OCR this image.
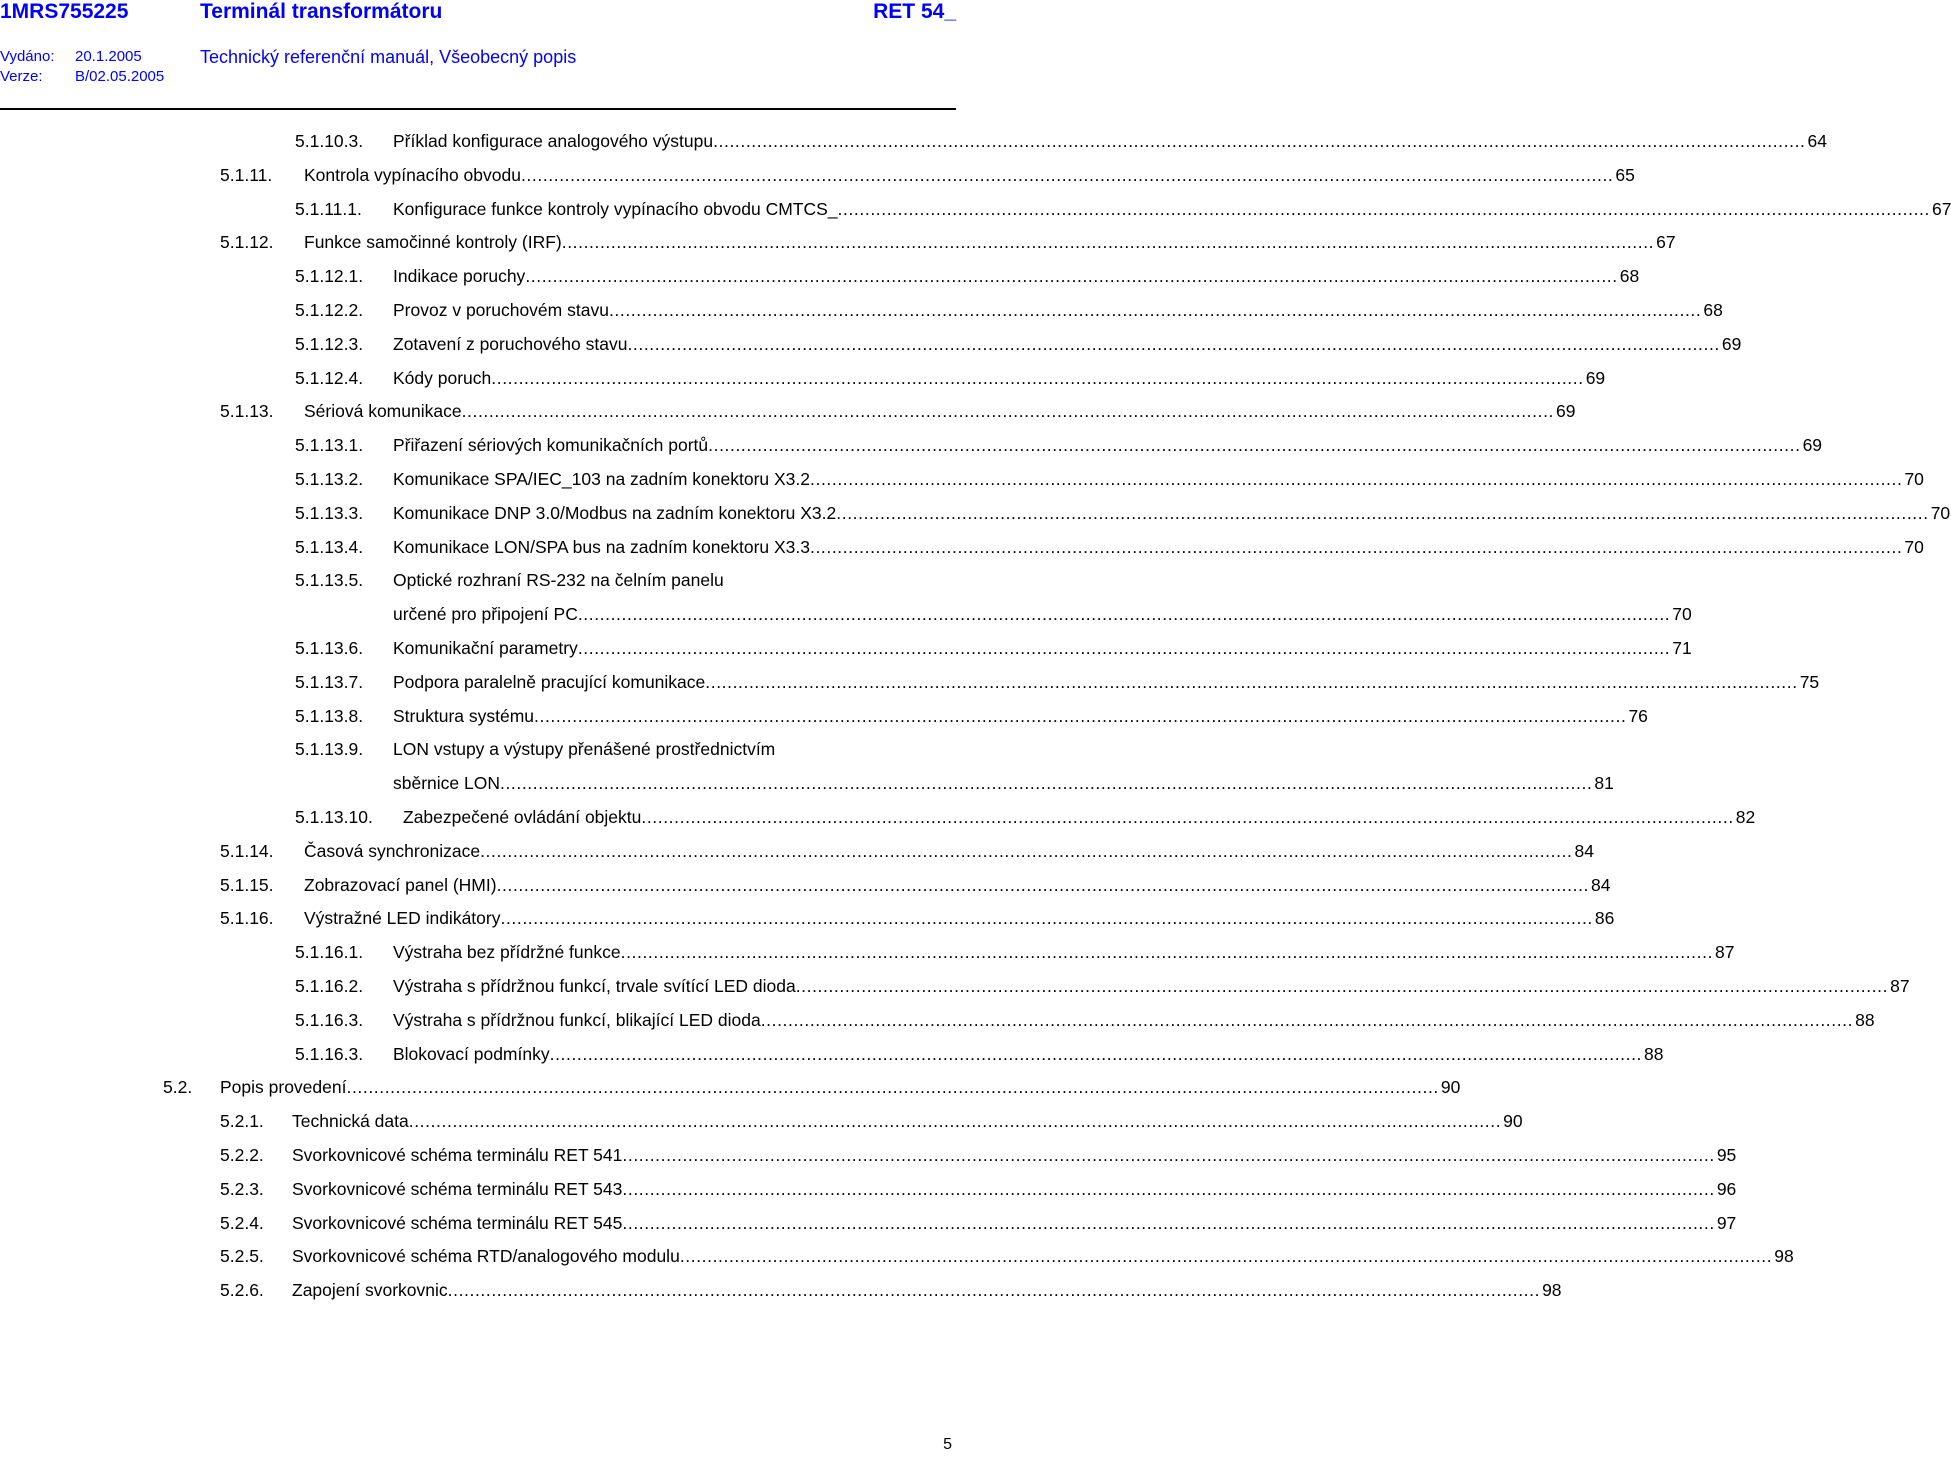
1MRS755225	Terminál transformátoru	RET 54_
Vydáno: 20.1.2005
Verze: B/02.05.2005
Technický referenční manuál, Všeobecný popis
5.1.10.3. Příklad konfigurace analogového výstupu ........................................................................................................................................................................................................ 64
5.1.11. Kontrola vypínacího obvodu ........................................................................................................................................................................................................ 65
5.1.11.1. Konfigurace funkce kontroly vypínacího obvodu CMTCS_ ........................................................................................................................................................................................................ 67
5.1.12. Funkce samočinné kontroly (IRF) ........................................................................................................................................................................................................ 67
5.1.12.1. Indikace poruchy ........................................................................................................................................................................................................ 68
5.1.12.2. Provoz v poruchovém stavu ........................................................................................................................................................................................................ 68
5.1.12.3. Zotavení z poruchového stavu ........................................................................................................................................................................................................ 69
5.1.12.4. Kódy poruch ........................................................................................................................................................................................................ 69
5.1.13. Sériová komunikace ........................................................................................................................................................................................................ 69
5.1.13.1. Přiřazení sériových komunikačních portů ........................................................................................................................................................................................................ 69
5.1.13.2. Komunikace SPA/IEC_103 na zadním konektoru X3.2 ........................................................................................................................................................................................................ 70
5.1.13.3. Komunikace DNP 3.0/Modbus na zadním konektoru X3.2 ........................................................................................................................................................................................................ 70
5.1.13.4. Komunikace LON/SPA bus na zadním konektoru X3.3 ........................................................................................................................................................................................................ 70
5.1.13.5. Optické rozhraní RS-232 na čelním panelu
určené pro připojení PC ........................................................................................................................................................................................................ 70
5.1.13.6. Komunikační parametry ........................................................................................................................................................................................................ 71
5.1.13.7. Podpora paralelně pracující komunikace ........................................................................................................................................................................................................ 75
5.1.13.8. Struktura systému ........................................................................................................................................................................................................ 76
5.1.13.9. LON vstupy a výstupy přenášené prostřednictvím
sběrnice LON ........................................................................................................................................................................................................ 81
5.1.13.10. Zabezpečené ovládání objektu ........................................................................................................................................................................................................ 82
5.1.14. Časová synchronizace ........................................................................................................................................................................................................ 84
5.1.15. Zobrazovací panel (HMI) ........................................................................................................................................................................................................ 84
5.1.16. Výstražné LED indikátory ........................................................................................................................................................................................................ 86
5.1.16.1. Výstraha bez přídržné funkce ........................................................................................................................................................................................................ 87
5.1.16.2. Výstraha s přídržnou funkcí, trvale svítící LED dioda ........................................................................................................................................................................................................ 87
5.1.16.3. Výstraha s přídržnou funkcí, blikající LED dioda ........................................................................................................................................................................................................ 88
5.1.16.3. Blokovací podmínky ........................................................................................................................................................................................................ 88
5.2. Popis provedení ........................................................................................................................................................................................................ 90
5.2.1. Technická data ........................................................................................................................................................................................................ 90
5.2.2. Svorkovnicové schéma terminálu RET 541 ........................................................................................................................................................................................................ 95
5.2.3. Svorkovnicové schéma terminálu RET 543 ........................................................................................................................................................................................................ 96
5.2.4. Svorkovnicové schéma terminálu RET 545 ........................................................................................................................................................................................................ 97
5.2.5. Svorkovnicové schéma RTD/analogového modulu ........................................................................................................................................................................................................ 98
5.2.6. Zapojení svorkovnic ........................................................................................................................................................................................................ 98
5
